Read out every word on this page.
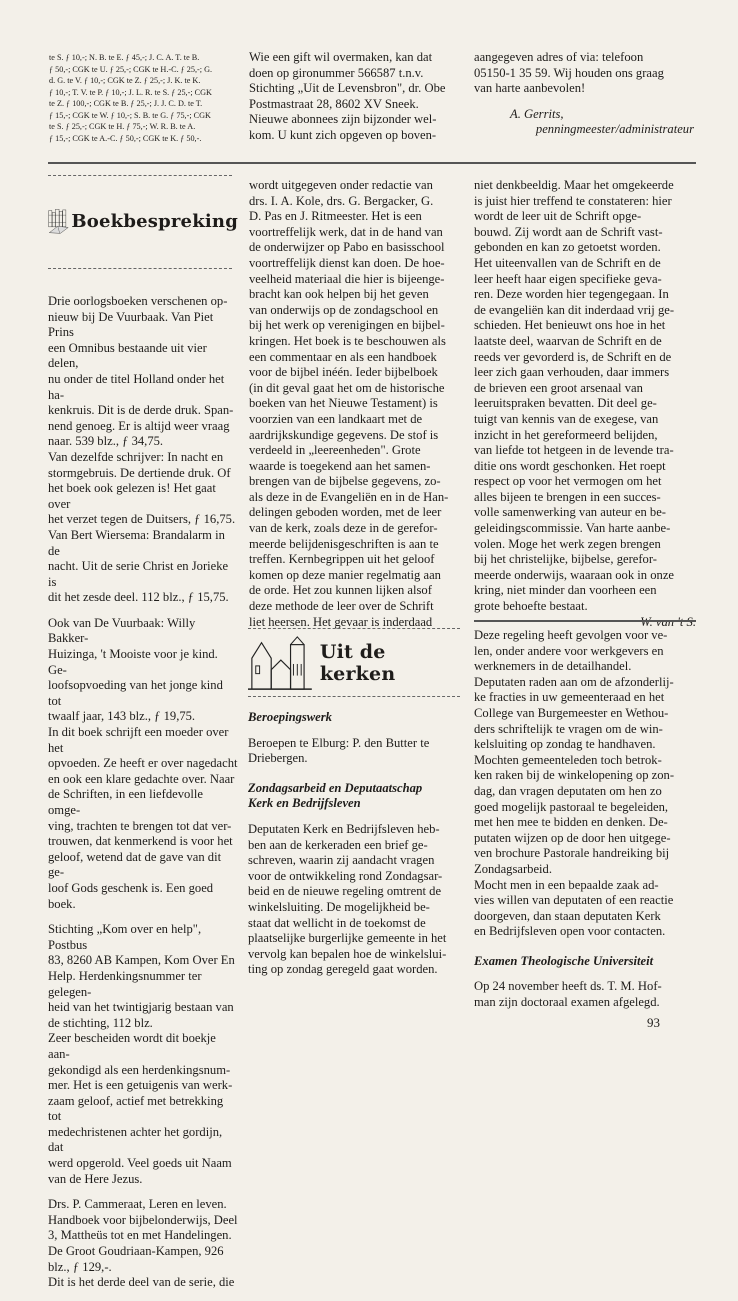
te S. ƒ 10,-; N. B. te E. ƒ 45,-; J. C. A. T. te B.

ƒ 50,-; CGK te U. ƒ 25,-; CGK te H.-C. ƒ 25,-; G.

d. G. te V. ƒ 10,-; CGK te Z. ƒ 25,-; J. K. te K.

ƒ 10,-; T. V. te P. ƒ 10,-; J. L. R. te S. ƒ 25,-; CGK

te Z. ƒ 100,-; CGK te B. ƒ 25,-; J. J. C. D. te T.

ƒ 15,-; CGK te W. ƒ 10,-; S. B. te G. ƒ 75,-; CGK

te S. ƒ 25,-; CGK te H. ƒ 75,-; W. R. B. te A.

ƒ 15,-; CGK te A.-C. ƒ 50,-; CGK te K. ƒ 50,-.

Wie een gift wil overmaken, kan dat

doen op gironummer 566587 t.n.v.

Stichting „Uit de Levensbron", dr. Obe

Postmastraat 28, 8602 XV Sneek.

Nieuwe abonnees zijn bijzonder wel-

kom. U kunt zich opgeven op boven-

aangegeven adres of via: telefoon

05150-1 35 59. Wij houden ons graag

van harte aanbevolen!

A. Gerrits,

penningmeester/administrateur

Boekbespreking

Drie oorlogsboeken verschenen op-

nieuw bij De Vuurbaak. Van Piet Prins

een Omnibus bestaande uit vier delen,

nu onder de titel Holland onder het ha-

kenkruis. Dit is de derde druk. Span-

nend genoeg. Er is altijd weer vraag

naar. 539 blz., ƒ 34,75.

Van dezelfde schrijver: In nacht en

stormgebruis. De dertiende druk. Of

het boek ook gelezen is! Het gaat over

het verzet tegen de Duitsers, ƒ 16,75.

Van Bert Wiersema: Brandalarm in de

nacht. Uit de serie Christ en Jorieke is

dit het zesde deel. 112 blz., ƒ 15,75.

Ook van De Vuurbaak: Willy Bakker-

Huizinga, 't Mooiste voor je kind. Ge-

loofsopvoeding van het jonge kind tot

twaalf jaar, 143 blz., ƒ 19,75.

In dit boek schrijft een moeder over het

opvoeden. Ze heeft er over nagedacht

en ook een klare gedachte over. Naar

de Schriften, in een liefdevolle omge-

ving, trachten te brengen tot dat ver-

trouwen, dat kenmerkend is voor het

geloof, wetend dat de gave van dit ge-

loof Gods geschenk is. Een goed boek.

Stichting „Kom over en help", Postbus

83, 8260 AB Kampen, Kom Over En

Help. Herdenkingsnummer ter gelegen-

heid van het twintigjarig bestaan van

de stichting, 112 blz.

Zeer bescheiden wordt dit boekje aan-

gekondigd als een herdenkingsnum-

mer. Het is een getuigenis van werk-

zaam geloof, actief met betrekking tot

medechristenen achter het gordijn, dat

werd opgerold. Veel goeds uit Naam

van de Here Jezus.

Drs. P. Cammeraat, Leren en leven.

Handboek voor bijbelonderwijs, Deel

3, Mattheüs tot en met Handelingen.

De Groot Goudriaan-Kampen, 926

blz., ƒ 129,-.

Dit is het derde deel van de serie, die

wordt uitgegeven onder redactie van

drs. I. A. Kole, drs. G. Bergacker, G.

D. Pas en J. Ritmeester. Het is een

voortreffelijk werk, dat in de hand van

de onderwijzer op Pabo en basisschool

voortreffelijk dienst kan doen. De hoe-

veelheid materiaal die hier is bijeenge-

bracht kan ook helpen bij het geven

van onderwijs op de zondagschool en

bij het werk op verenigingen en bijbel-

kringen. Het boek is te beschouwen als

een commentaar en als een handboek

voor de bijbel inéén. Ieder bijbelboek

(in dit geval gaat het om de historische

boeken van het Nieuwe Testament) is

voorzien van een landkaart met de

aardrijkskundige gegevens. De stof is

verdeeld in „leereenheden". Grote

waarde is toegekend aan het samen-

brengen van de bijbelse gegevens, zo-

als deze in de Evangeliën en in de Han-

delingen geboden worden, met de leer

van de kerk, zoals deze in de gerefor-

meerde belijdenisgeschriften is aan te

treffen. Kernbegrippen uit het geloof

komen op deze manier regelmatig aan

de orde. Het zou kunnen lijken alsof

deze methode de leer over de Schrift

liet heersen. Het gevaar is inderdaad

niet denkbeeldig. Maar het omgekeerde

is juist hier treffend te constateren: hier

wordt de leer uit de Schrift opge-

bouwd. Zij wordt aan de Schrift vast-

gebonden en kan zo getoetst worden.

Het uiteenvallen van de Schrift en de

leer heeft haar eigen specifieke geva-

ren. Deze worden hier tegengegaan. In

de evangeliën kan dit inderdaad vrij ge-

schieden. Het benieuwt ons hoe in het

laatste deel, waarvan de Schrift en de

reeds ver gevorderd is, de Schrift en de

leer zich gaan verhouden, daar immers

de brieven een groot arsenaal van

leeruitspraken bevatten. Dit deel ge-

tuigt van kennis van de exegese, van

inzicht in het gereformeerd belijden,

van liefde tot hetgeen in de levende tra-

ditie ons wordt geschonken. Het roept

respect op voor het vermogen om het

alles bijeen te brengen in een succes-

volle samenwerking van auteur en be-

geleidingscommissie. Van harte aanbe-

volen. Moge het werk zegen brengen

bij het christelijke, bijbelse, gerefor-

meerde onderwijs, waaraan ook in onze

kring, niet minder dan voorheen een

grote behoefte bestaat.

W. van 't S.

Uit de kerken

Beroepingswerk

Beroepen te Elburg: P. den Butter te

Driebergen.

Zondagsarbeid en Deputaatschap

Kerk en Bedrijfsleven

Deputaten Kerk en Bedrijfsleven heb-

ben aan de kerkeraden een brief ge-

schreven, waarin zij aandacht vragen

voor de ontwikkeling rond Zondagsar-

beid en de nieuwe regeling omtrent de

winkelsluiting. De mogelijkheid be-

staat dat wellicht in de toekomst de

plaatselijke burgerlijke gemeente in het

vervolg kan bepalen hoe de winkelslui-

ting op zondag geregeld gaat worden.

Deze regeling heeft gevolgen voor ve-

len, onder andere voor werkgevers en

werknemers in de detailhandel.

Deputaten raden aan om de afzonderlij-

ke fracties in uw gemeenteraad en het

College van Burgemeester en Wethou-

ders schriftelijk te vragen om de win-

kelsluiting op zondag te handhaven.

Mochten gemeenteleden toch betrok-

ken raken bij de winkelopening op zon-

dag, dan vragen deputaten om hen zo

goed mogelijk pastoraal te begeleiden,

met hen mee te bidden en denken. De-

putaten wijzen op de door hen uitgege-

ven brochure Pastorale handreiking bij

Zondagsarbeid.

Mocht men in een bepaalde zaak ad-

vies willen van deputaten of een reactie

doorgeven, dan staan deputaten Kerk

en Bedrijfsleven open voor contacten.

Examen Theologische Universiteit

Op 24 november heeft ds. T. M. Hof-

man zijn doctoraal examen afgelegd.

93
